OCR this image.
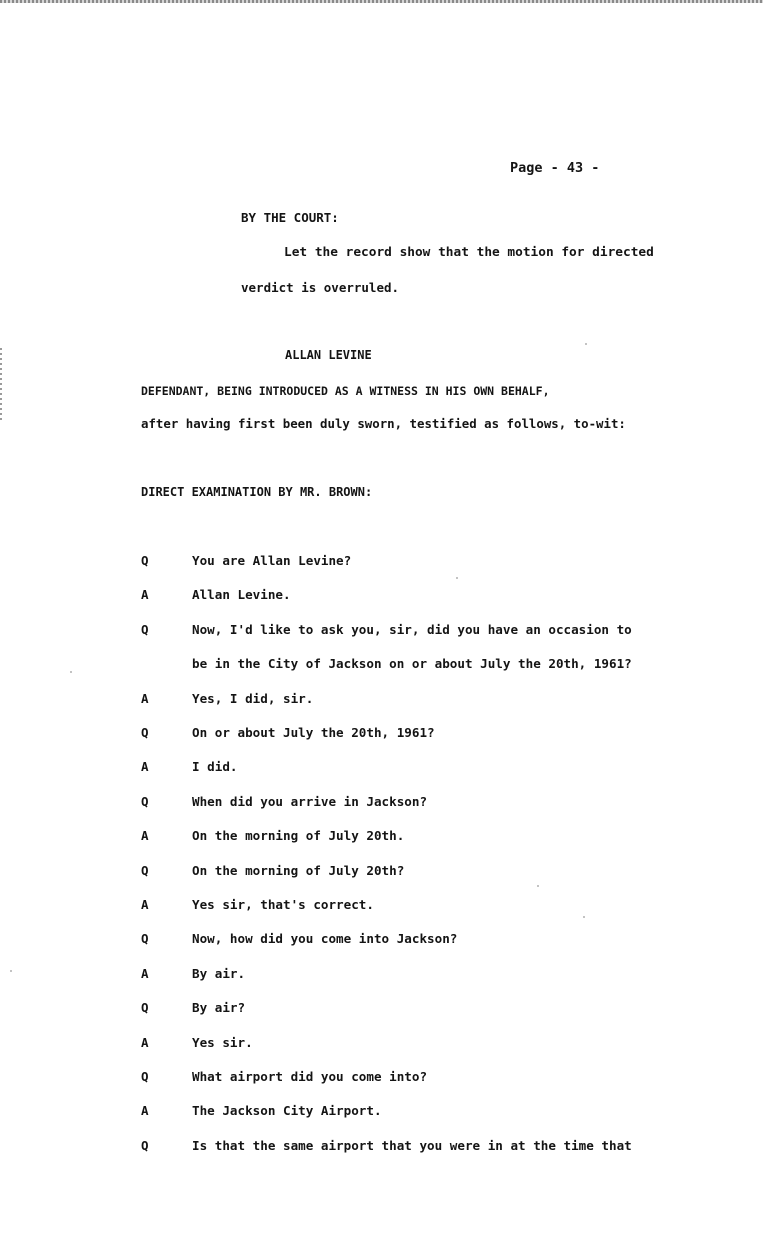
Page - 43 -
BY THE COURT:
Let the record show that the motion for directed
verdict is overruled.
ALLAN LEVINE
DEFENDANT, BEING INTRODUCED AS A WITNESS IN HIS OWN BEHALF,
after having first been duly sworn, testified as follows, to-wit:
DIRECT EXAMINATION BY MR. BROWN:
Q	You are Allan Levine?
A	Allan Levine.
Q	Now, I'd like to ask you, sir, did you have an occasion to
be in the City of Jackson on or about July the 20th, 1961?
A	Yes, I did, sir.
Q	On or about July the 20th, 1961?
A	I did.
Q	When did you arrive in Jackson?
A	On the morning of July 20th.
Q	On the morning of July 20th?
A	Yes sir, that's correct.
Q	Now, how did you come into Jackson?
A	By air.
Q	By air?
A	Yes sir.
Q	What airport did you come into?
A	The Jackson City Airport.
Q	Is that the same airport that you were in at the time that
